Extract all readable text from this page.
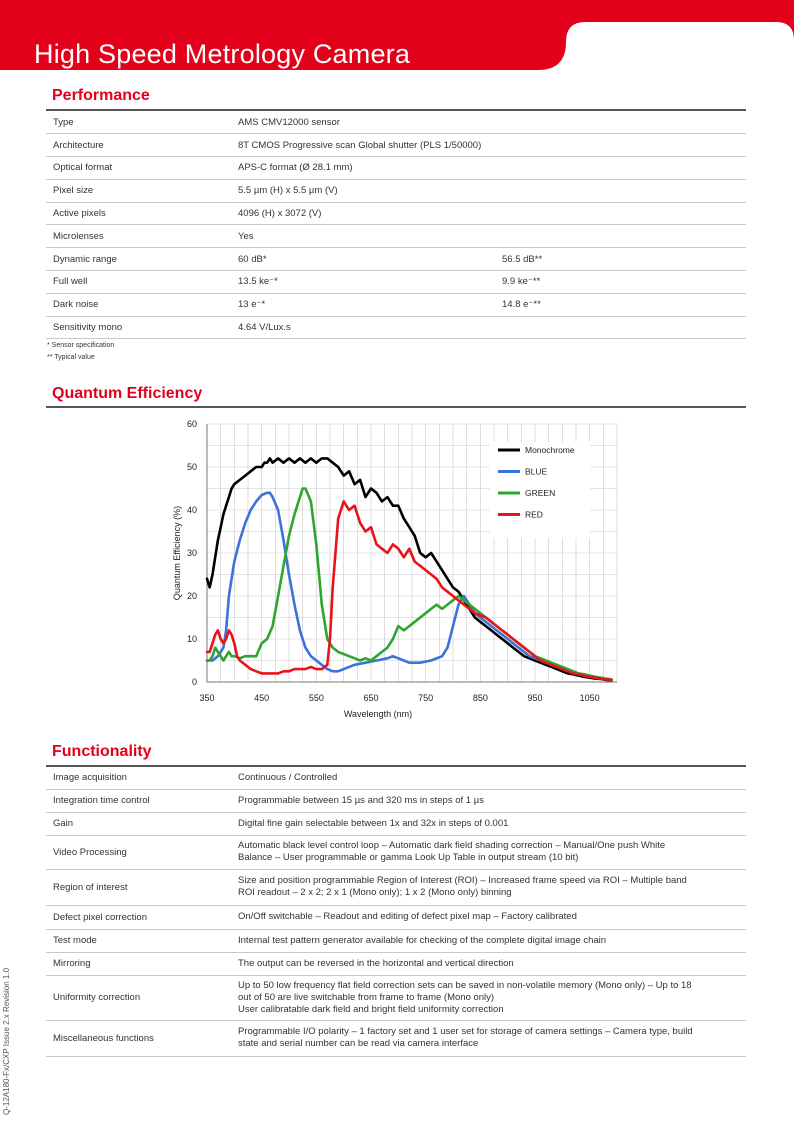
High Speed Metrology Camera
Performance
Type	AMS CMV12000 sensor	
Architecture	8T CMOS Progressive scan Global shutter (PLS 1/50000)	
Optical format	APS-C format (Ø 28.1 mm)	
Pixel size	5.5 µm (H) x 5.5 µm (V)	
Active pixels	4096 (H) x 3072 (V)	
Microlenses	Yes	
Dynamic range	60 dB*	56.5 dB**
Full well	13.5 ke⁻*	9.9 ke⁻**
Dark noise	13 e⁻*	14.8 e⁻**
Sensitivity mono	4.64 V/Lux.s	
* Sensor specification
** Typical value
Quantum Efficiency
0
10
20
30
40
50
60
350	450	550	650	750	850	950	1050
Wavelength (nm)
Quantum Efficiency (%)
Monochrome
BLUE
GREEN
RED
Functionality
Image acquisition	Continuous / Controlled

Integration time control	Programmable between 15 µs and 320 ms in steps of 1 µs

Gain	Digital fine gain selectable between 1x and 32x in steps of 0.001

Video Processing	Automatic black level control loop – Automatic dark field shading correction – Manual/One push White
Balance – User programmable or gamma Look Up Table in output stream (10 bit)

Region of interest	Size and position programmable Region of Interest (ROI) – Increased frame speed via ROI – Multiple band
ROI readout – 2 x 2; 2 x 1 (Mono only); 1 x 2 (Mono only) binning

Defect pixel correction	On/Off switchable – Readout and editing of defect pixel map – Factory calibrated

Test mode	Internal test pattern generator available for checking of the complete digital image chain

Mirroring	The output can be reversed in the horizontal and vertical direction

Uniformity correction	Up to 50 low frequency flat field correction sets can be saved in non-volatile memory (Mono only) – Up to 18
out of 50 are live switchable from frame to frame (Mono only)
User calibratable dark field and bright field uniformity correction

Miscellaneous functions	Programmable I/O polarity – 1 factory set and 1 user set for storage of camera settings – Camera type, build
state and serial number can be read via camera interface
Q-12A180-Fx/CXP Issue 2.x Revision 1.0
